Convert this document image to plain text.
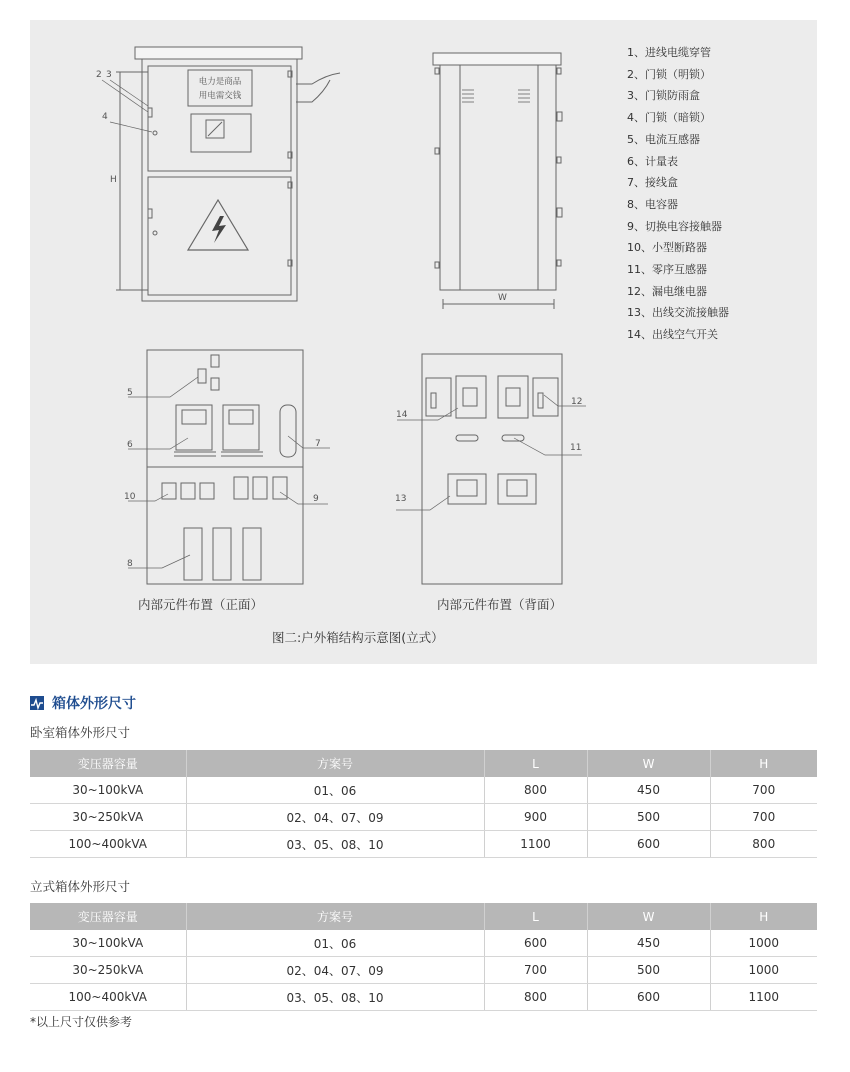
电力是商品
用电需交钱
H
2 3
4
W
5
6	7
10	9
8
14
12
11
13
1、进线电缆穿管
2、门锁（明锁）
3、门锁防雨盒
4、门锁（暗锁）
5、电流互感器
6、计量表
7、接线盒
8、电容器
9、切换电容接触器
10、小型断路器
11、零序互感器
12、漏电继电器
13、出线交流接触器
14、出线空气开关
内部元件布置（正面）	内部元件布置（背面）
图二:户外箱结构示意图(立式）
箱体外形尺寸
卧室箱体外形尺寸
变压器容量	方案号	L	W	H
30~100kVA	01、06	800	450	700
30~250kVA	02、04、07、09	900	500	700
100~400kVA	03、05、08、10	1100	600	800
立式箱体外形尺寸
变压器容量	方案号	L	W	H
30~100kVA	01、06	600	450	1000
30~250kVA	02、04、07、09	700	500	1000
100~400kVA	03、05、08、10	800	600	1100
*以上尺寸仅供参考
